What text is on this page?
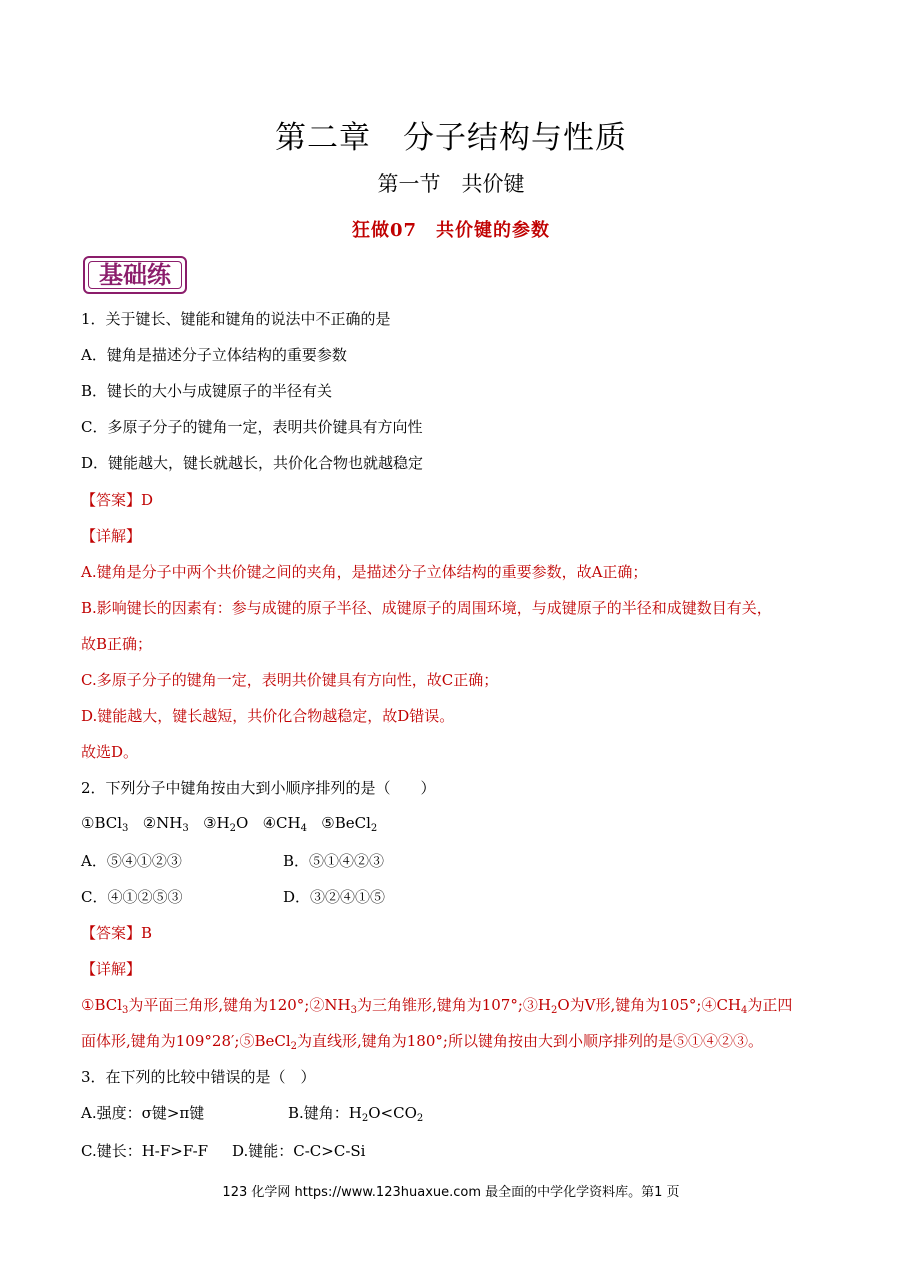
第二章　分子结构与性质
第一节　共价键
狂做07　共价键的参数
基础练
1．关于键长、键能和键角的说法中不正确的是
A．键角是描述分子立体结构的重要参数
B．键长的大小与成键原子的半径有关
C．多原子分子的键角一定，表明共价键具有方向性
D．键能越大，键长就越长，共价化合物也就越稳定
【答案】D
【详解】
A.键角是分子中两个共价键之间的夹角，是描述分子立体结构的重要参数，故A正确；
B.影响键长的因素有：参与成键的原子半径、成键原子的周围环境，与成键原子的半径和成键数目有关，
故B正确；
C.多原子分子的键角一定，表明共价键具有方向性，故C正确；
D.键能越大，键长越短，共价化合物越稳定，故D错误。
故选D。
2．下列分子中键角按由大到小顺序排列的是（　　）
①BCl$_3$ $②NH_3$ $③H_2O$ $④CH_4$ ⑤BeCl$_2$
A．⑤④①②③	B．⑤①④②③
C．④①②⑤③	D．③②④①⑤
【答案】B
【详解】
①BCl$_3$为平面三角形,键角为$120^\circ;②NH_3$为三角锥形,键角为$107^\circ;③H_2O$为V形,键角为$105^\circ;④CH_4$为正四
面体形,键角为109°28′;⑤BeCl$_2$为直线形,键角为180°;所以键角按由大到小顺序排列的是⑤①④②③。
3．在下列的比较中错误的是（　）
A.强度：σ键>π键	B.键角：$H_2O<CO_2$
C.键长：H-F>F-F D.键能：C-C>C-Si
123 化学网 https://www.123huaxue.com 最全面的中学化学资料库。第1 页
